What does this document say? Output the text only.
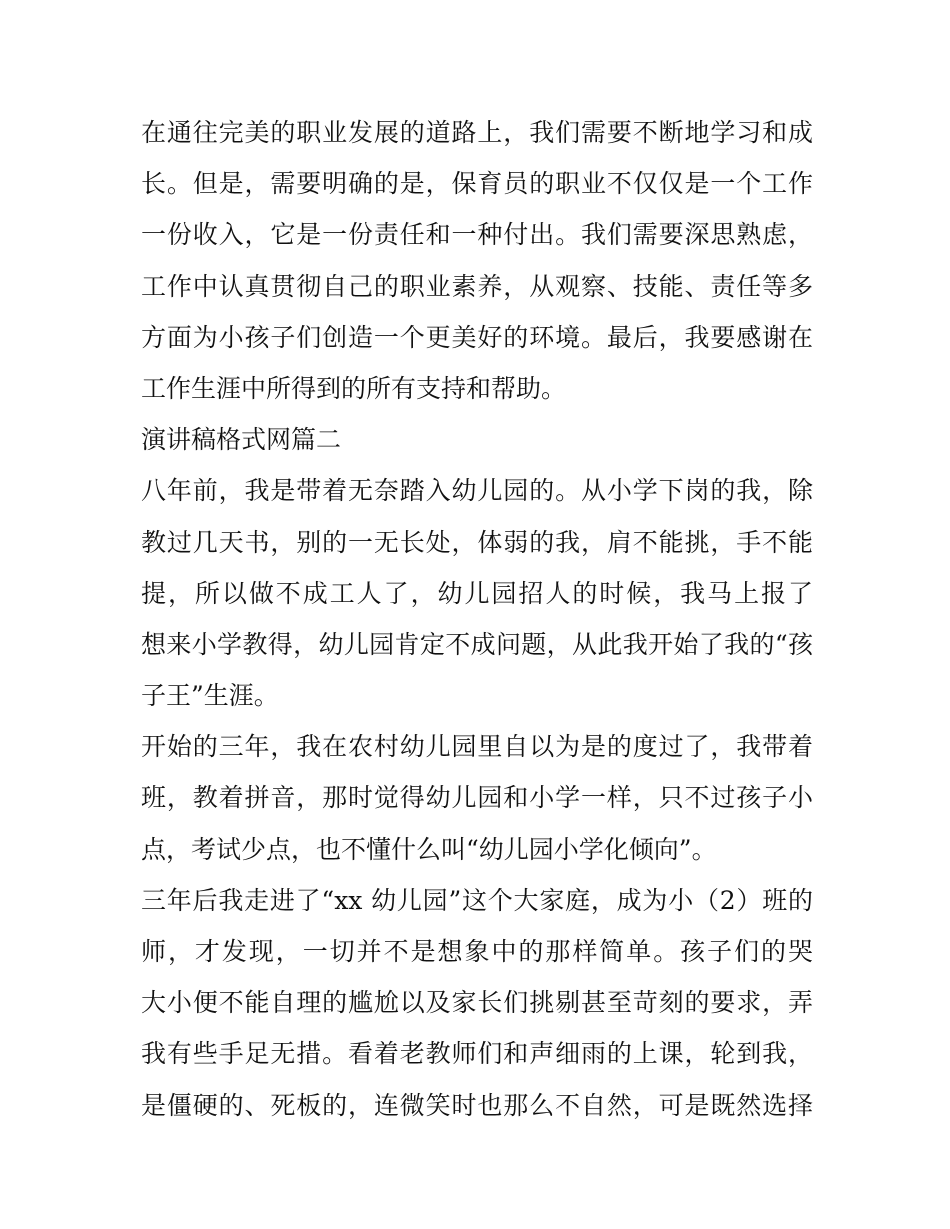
在通往完美的职业发展的道路上，我们需要不断地学习和成
长。但是，需要明确的是，保育员的职业不仅仅是一个工作
一份收入，它是一份责任和一种付出。我们需要深思熟虑，
工作中认真贯彻自己的职业素养，从观察、技能、责任等多
方面为小孩子们创造一个更美好的环境。最后，我要感谢在
工作生涯中所得到的所有支持和帮助。
演讲稿格式网篇二
八年前，我是带着无奈踏入幼儿园的。从小学下岗的我，除
教过几天书，别的一无长处，体弱的我，肩不能挑，手不能
提，所以做不成工人了，幼儿园招人的时候，我马上报了
想来小学教得，幼儿园肯定不成问题，从此我开始了我的“孩
子王”生涯。
开始的三年，我在农村幼儿园里自以为是的度过了，我带着
班，教着拼音，那时觉得幼儿园和小学一样，只不过孩子小
点，考试少点，也不懂什么叫“幼儿园小学化倾向”。
三年后我走进了“xx 幼儿园”这个大家庭，成为小（2）班的
师，才发现，一切并不是想象中的那样简单。孩子们的哭
大小便不能自理的尴尬以及家长们挑剔甚至苛刻的要求，弄
我有些手足无措。看着老教师们和声细雨的上课，轮到我，
是僵硬的、死板的，连微笑时也那么不自然，可是既然选择
